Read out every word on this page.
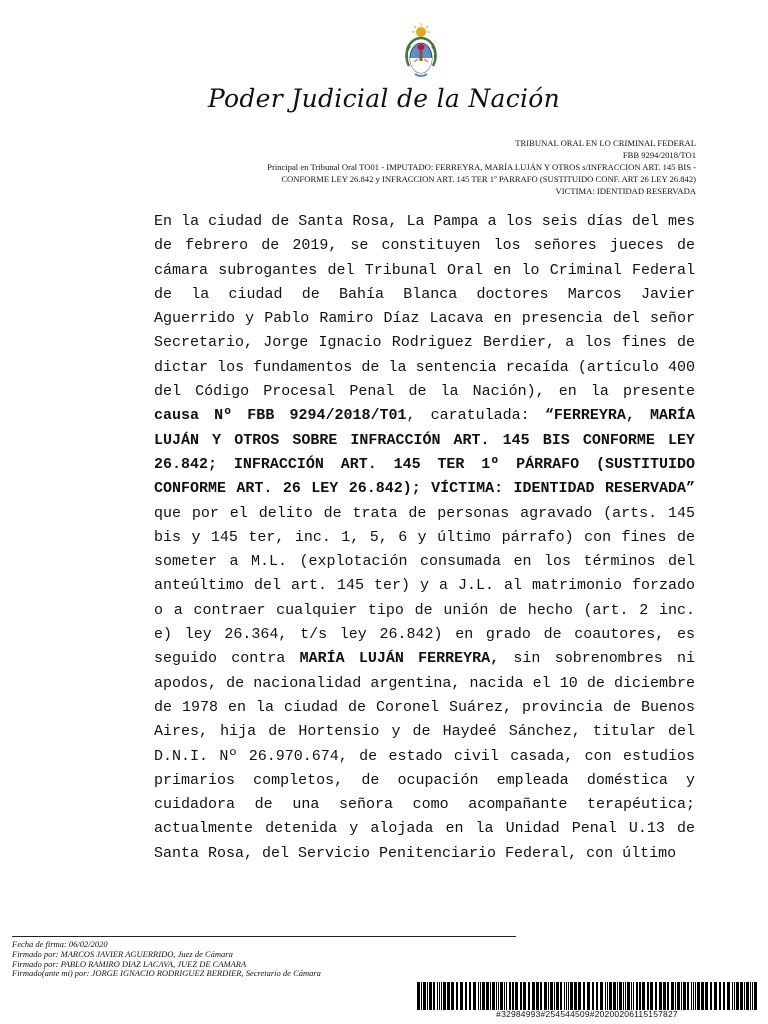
Poder Judicial de la Nación
TRIBUNAL ORAL EN LO CRIMINAL FEDERAL
FBB 9294/2018/TO1
Principal en Tribunal Oral TO01 - IMPUTADO: FERREYRA, MARÍA LUJÁN Y OTROS s/INFRACCION ART. 145 BIS -
CONFORME LEY 26.842 y INFRACCION ART. 145 TER 1º PARRAFO (SUSTITUIDO CONF. ART 26 LEY 26.842)
VICTIMA: IDENTIDAD RESERVADA
En la ciudad de Santa Rosa, La Pampa a los seis días del mes de febrero de 2019, se constituyen los señores jueces de cámara subrogantes del Tribunal Oral en lo Criminal Federal de la ciudad de Bahía Blanca doctores Marcos Javier Aguerrido y Pablo Ramiro Díaz Lacava en presencia del señor Secretario, Jorge Ignacio Rodriguez Berdier, a los fines de dictar los fundamentos de la sentencia recaída (artículo 400 del Código Procesal Penal de la Nación), en la presente causa Nº FBB 9294/2018/T01, caratulada: “FERREYRA, MARÍA LUJÁN Y OTROS SOBRE INFRACCIÓN ART. 145 BIS CONFORME LEY 26.842; INFRACCIÓN ART. 145 TER 1º PÁRRAFO (SUSTITUIDO CONFORME ART. 26 LEY 26.842); VÍCTIMA: IDENTIDAD RESERVADA” que por el delito de trata de personas agravado (arts. 145 bis y 145 ter, inc. 1, 5, 6 y último párrafo) con fines de someter a M.L. (explotación consumada en los términos del anteúltimo del art. 145 ter) y a J.L. al matrimonio forzado o a contraer cualquier tipo de unión de hecho (art. 2 inc. e) ley 26.364, t/s ley 26.842) en grado de coautores, es seguido contra MARÍA LUJÁN FERREYRA, sin sobrenombres ni apodos, de nacionalidad argentina, nacida el 10 de diciembre de 1978 en la ciudad de Coronel Suárez, provincia de Buenos Aires, hija de Hortensio y de Haydeé Sánchez, titular del D.N.I. Nº 26.970.674, de estado civil casada, con estudios primarios completos, de ocupación empleada doméstica y cuidadora de una señora como acompañante terapéutica; actualmente detenida y alojada en la Unidad Penal U.13 de Santa Rosa, del Servicio Penitenciario Federal, con último
Fecha de firma: 06/02/2020
Firmado por: MARCOS JAVIER AGUERRIDO, Juez de Cámara
Firmado por: PABLO RAMIRO DIAZ LACAVA, JUEZ DE CAMARA
Firmado(ante mi) por: JORGE IGNACIO RODRIGUEZ BERDIER, Secretario de Cámara
#32984993#254544509#20200206115157827
